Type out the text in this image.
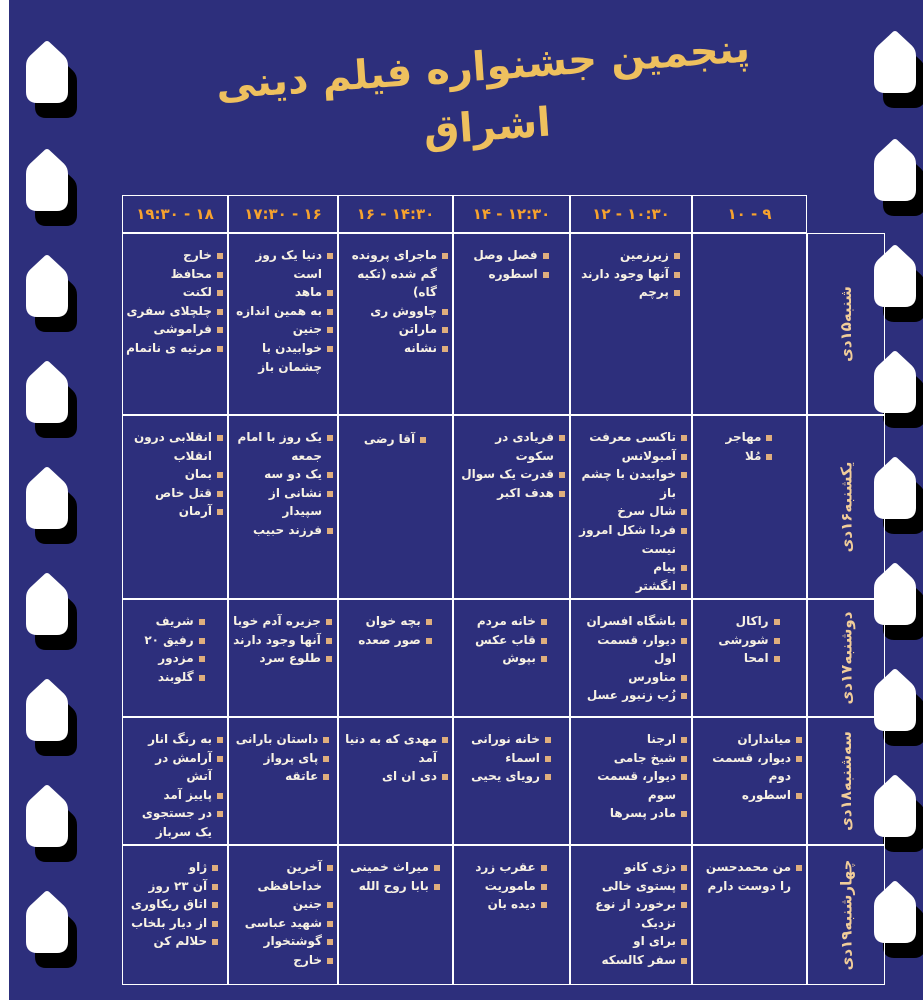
پنجمین جشنواره فیلم دینی اشراق
۹ - ۱۰
۱۰:۳۰ - ۱۲
۱۲:۳۰ - ۱۴
۱۴:۳۰ - ۱۶
۱۶ - ۱۷:۳۰
۱۸ - ۱۹:۳۰
شنبه۱۵دی
زیرزمین
آنها وجود دارند
پرچم
فصل وصل
اسطوره
ماجرای پرونده گم شده (تکیه گاه)
چاووش ری
ماراتن
نشانه
دنیا یک روز است
ماهد
به همین اندازه
جنین
خوابیدن با چشمان باز
خارج
محافظ
لکنت
چلچلای سفری
فراموشی
مرثیه ی ناتمام
یکشنبه۱۶دی
مهاجر
مُلا
تاکسی معرفت
آمبولانس
خوابیدن با چشم باز
شال سرخ
فردا شکل امروز نیست
پیام
انگشتر
فریادی در سکوت
قدرت یک سوال
هدف اکبر
آقا رضی
یک روز با امام جمعه
یک دو سه
نشانی از سپیدار
فرزند حبیب
انقلابی درون انقلاب
بمان
قتل خاص
آرمان
دوشنبه۱۷دی
راکال
شورشی
امحا
باشگاه افسران
دیوار، قسمت اول
متاورس
زُب زنبور عسل
خانه مردم
قاب عکس
بپوش
بچه خوان
صور صعده
جزیره آدم خوبا
آنها وجود دارند
طلوع سرد
شریف
رفیق ۲۰
مزدور
گلوبند
سه‌شنبه۱۸دی
میانداران
دیوار، قسمت دوم
اسطوره
ارجنا
شیخ جامی
دیوار، قسمت سوم
مادر پسرها
خانه نورانی
اسماء
رویای یحیی
مهدی که به دنیا آمد
دی ان ای
داستان بارانی
پای پرواز
عاتقه
به رنگ انار
آرامش در آتش
پاییز آمد
در جستجوی یک سرباز
چهارشنبه۱۹دی
من محمدحسن را دوست دارم
دژی کانو
پستوی خالی
برخورد از نوع نزدیک
برای او
سفر کالسکه
عقرب زرد
ماموریت
دیده بان
میراث خمینی
بابا روح الله
آخرین خداحافظی
جنین
شهید عباسی
گوشتخوار
خارج
ژاو
آن ۲۳ روز
اتاق ریکاوری
از دیار بلخاب
حلالم کن
